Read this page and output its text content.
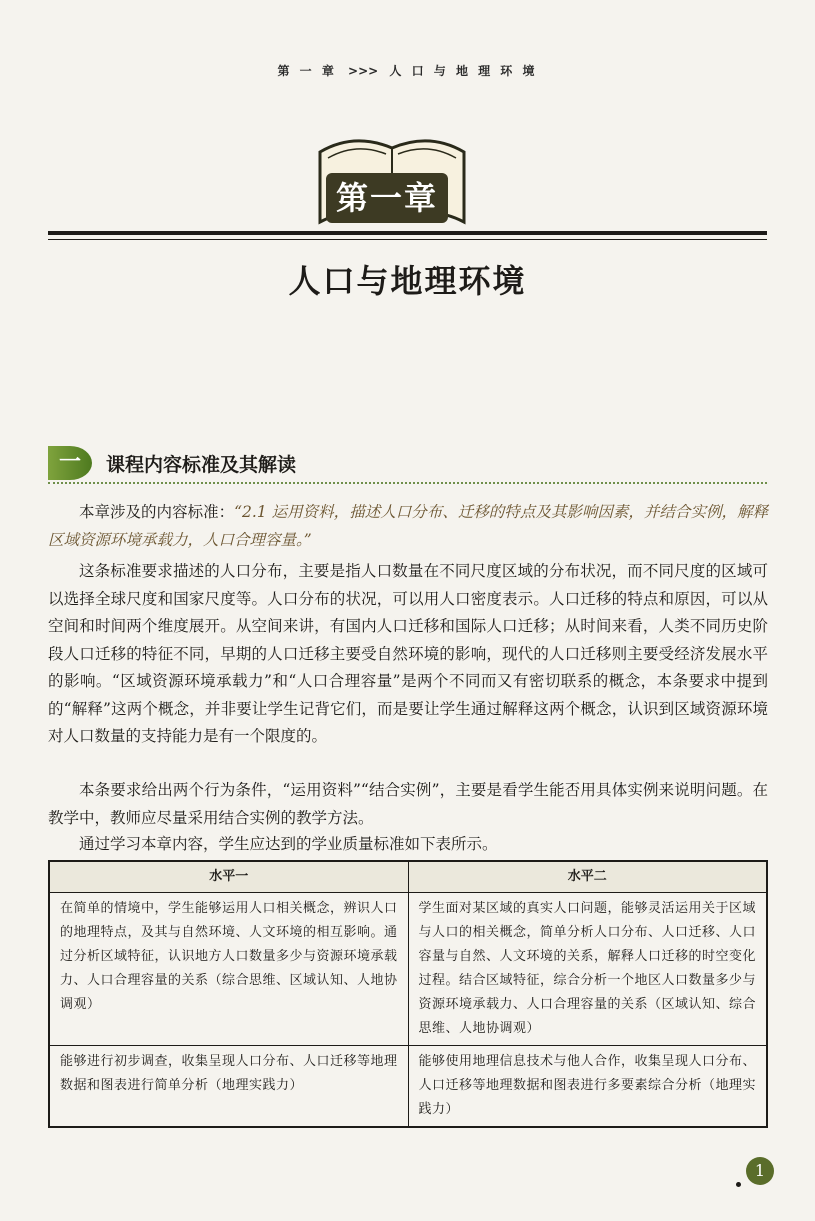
第 一 章 >>> 人 口 与 地 理 环 境
第一章
人口与地理环境
一	课程内容标准及其解读
本章涉及的内容标准：“2.1 运用资料，描述人口分布、迁移的特点及其影响因素，并结合实例，解释区域资源环境承载力，人口合理容量。”
这条标准要求描述的人口分布，主要是指人口数量在不同尺度区域的分布状况，而不同尺度的区域可以选择全球尺度和国家尺度等。人口分布的状况，可以用人口密度表示。人口迁移的特点和原因，可以从空间和时间两个维度展开。从空间来讲，有国内人口迁移和国际人口迁移；从时间来看，人类不同历史阶段人口迁移的特征不同，早期的人口迁移主要受自然环境的影响，现代的人口迁移则主要受经济发展水平的影响。“区域资源环境承载力”和“人口合理容量”是两个不同而又有密切联系的概念，本条要求中提到的“解释”这两个概念，并非要让学生记背它们，而是要让学生通过解释这两个概念，认识到区域资源环境对人口数量的支持能力是有一个限度的。
本条要求给出两个行为条件，“运用资料”“结合实例”，主要是看学生能否用具体实例来说明问题。在教学中，教师应尽量采用结合实例的教学方法。
通过学习本章内容，学生应达到的学业质量标准如下表所示。
水平一	水平二
在简单的情境中，学生能够运用人口相关概念，辨识人口的地理特点，及其与自然环境、人文环境的相互影响。通过分析区域特征，认识地方人口数量多少与资源环境承载力、人口合理容量的关系（综合思维、区域认知、人地协调观）	学生面对某区域的真实人口问题，能够灵活运用关于区域与人口的相关概念，简单分析人口分布、人口迁移、人口容量与自然、人文环境的关系，解释人口迁移的时空变化过程。结合区域特征，综合分析一个地区人口数量多少与资源环境承载力、人口合理容量的关系（区域认知、综合思维、人地协调观）
能够进行初步调查，收集呈现人口分布、人口迁移等地理数据和图表进行简单分析（地理实践力）	能够使用地理信息技术与他人合作，收集呈现人口分布、人口迁移等地理数据和图表进行多要素综合分析（地理实践力）
1
